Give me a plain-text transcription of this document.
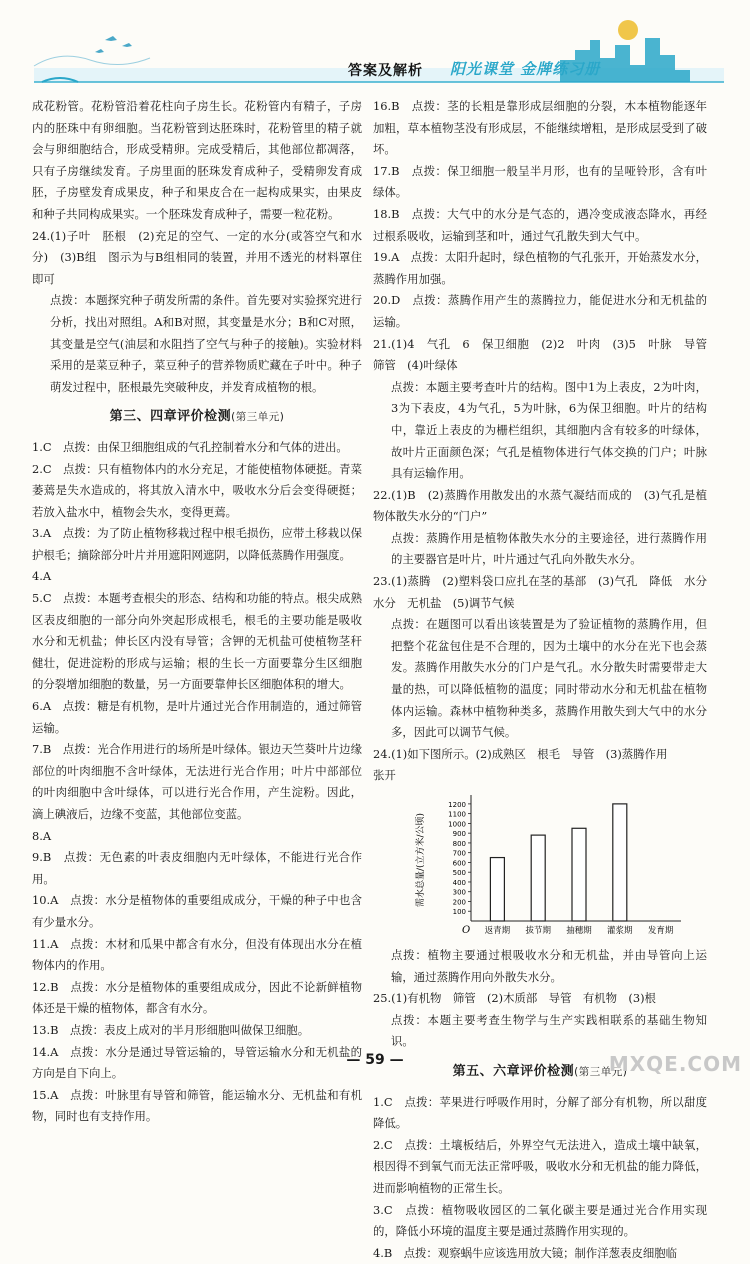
答案及解析 阳光课堂 金牌练习册

成花粉管。花粉管沿着花柱向子房生长。花粉管内有精子，子房内的胚珠中有卵细胞。当花粉管到达胚珠时，花粉管里的精子就会与卵细胞结合，形成受精卵。完成受精后，其他部位都凋落，只有子房继续发育。子房里面的胚珠发育成种子，受精卵发育成胚，子房壁发育成果皮，种子和果皮合在一起构成果实，由果皮和种子共同构成果实。一个胚珠发育成种子，需要一粒花粉。

24.(1)子叶　胚根　(2)充足的空气、一定的水分(或答空气和水分)　(3)B组　图示为与B组相同的装置，并用不透光的材料罩住即可

点拨：本题探究种子萌发所需的条件。首先要对实验探究进行分析，找出对照组。A和B对照，其变量是水分；B和C对照，其变量是空气(油层和水阻挡了空气与种子的接触)。实验材料采用的是菜豆种子，菜豆种子的营养物质贮藏在子叶中。种子萌发过程中，胚根最先突破种皮，并发育成植物的根。

第三、四章评价检测(第三单元)

1.C　点拨：由保卫细胞组成的气孔控制着水分和气体的进出。

2.C　点拨：只有植物体内的水分充足，才能使植物体硬挺。青菜萎蔫是失水造成的，将其放入清水中，吸收水分后会变得硬挺；若放入盐水中，植物会失水，变得更蔫。

3.A　点拨：为了防止植物移栽过程中根毛损伤，应带土移栽以保护根毛；摘除部分叶片并用遮阳网遮阴，以降低蒸腾作用强度。

4.A

5.C　点拨：本题考查根尖的形态、结构和功能的特点。根尖成熟区表皮细胞的一部分向外突起形成根毛，根毛的主要功能是吸收水分和无机盐；伸长区内没有导管；含钾的无机盐可使植物茎秆健壮，促进淀粉的形成与运输；根的生长一方面要靠分生区细胞的分裂增加细胞的数量，另一方面要靠伸长区细胞体积的增大。

6.A　点拨：糖是有机物，是叶片通过光合作用制造的，通过筛管运输。

7.B　点拨：光合作用进行的场所是叶绿体。银边天竺葵叶片边缘部位的叶肉细胞不含叶绿体，无法进行光合作用；叶片中部部位的叶肉细胞中含叶绿体，可以进行光合作用，产生淀粉。因此，滴上碘液后，边缘不变蓝，其他部位变蓝。

8.A

9.B　点拨：无色素的叶表皮细胞内无叶绿体，不能进行光合作用。

10.A　点拨：水分是植物体的重要组成成分，干燥的种子中也含有少量水分。

11.A　点拨：木材和瓜果中都含有水分，但没有体现出水分在植物体内的作用。

12.B　点拨：水分是植物体的重要组成成分，因此不论新鲜植物体还是干燥的植物体，都含有水分。

13.B　点拨：表皮上成对的半月形细胞叫做保卫细胞。

14.A　点拨：水分是通过导管运输的，导管运输水分和无机盐的方向是自下向上。

15.A　点拨：叶脉里有导管和筛管，能运输水分、无机盐和有机物，同时也有支持作用。

16.B　点拨：茎的长粗是靠形成层细胞的分裂，木本植物能逐年加粗，草本植物茎没有形成层，不能继续增粗，是形成层受到了破坏。

17.B　点拨：保卫细胞一般呈半月形，也有的呈哑铃形，含有叶绿体。

18.B　点拨：大气中的水分是气态的，遇冷变成液态降水，再经过根系吸收，运输到茎和叶，通过气孔散失到大气中。

19.A　点拨：太阳升起时，绿色植物的气孔张开，开始蒸发水分，蒸腾作用加强。

20.D　点拨：蒸腾作用产生的蒸腾拉力，能促进水分和无机盐的运输。

21.(1)4　气孔　6　保卫细胞　(2)2　叶肉　(3)5　叶脉　导管　筛管　(4)叶绿体

点拨：本题主要考查叶片的结构。图中1为上表皮，2为叶肉，3为下表皮，4为气孔，5为叶脉，6为保卫细胞。叶片的结构中，靠近上表皮的为栅栏组织，其细胞内含有较多的叶绿体，故叶片正面颜色深；气孔是植物体进行气体交换的门户；叶脉具有运输作用。

22.(1)B　(2)蒸腾作用散发出的水蒸气凝结而成的　(3)气孔是植物体散失水分的“门户”

点拨：蒸腾作用是植物体散失水分的主要途径，进行蒸腾作用的主要器官是叶片，叶片通过气孔向外散失水分。

23.(1)蒸腾　(2)塑料袋口应扎在茎的基部　(3)气孔　降低　水分　水分　无机盐　(5)调节气候

点拨：在题图可以看出该装置是为了验证植物的蒸腾作用，但把整个花盆包住是不合理的，因为土壤中的水分在光下也会蒸发。蒸腾作用散失水分的门户是气孔。水分散失时需要带走大量的热，可以降低植物的温度；同时带动水分和无机盐在植物体内运输。森林中植物种类多，蒸腾作用散失到大气中的水分多，因此可以调节气候。

24.(1)如下图所示。(2)成熟区　根毛　导管　(3)蒸腾作用

张开

O
100
200
300
400
500
600
700
800
900
1000
1100
1200
需水总量/(立方米/公顷)
返青期 拔节期 抽穗期 灌浆期 发育期

点拨：植物主要通过根吸收水分和无机盐，并由导管向上运输，通过蒸腾作用向外散失水分。

25.(1)有机物　筛管　(2)木质部　导管　有机物　(3)根

点拨：本题主要考查生物学与生产实践相联系的基础生物知识。

第五、六章评价检测(第三单元)

1.C　点拨：苹果进行呼吸作用时，分解了部分有机物，所以甜度降低。

2.C　点拨：土壤板结后，外界空气无法进入，造成土壤中缺氧，根因得不到氧气而无法正常呼吸，吸收水分和无机盐的能力降低，进而影响植物的正常生长。

3.C　点拨：植物吸收园区的二氧化碳主要是通过光合作用实现的，降低小环境的温度主要是通过蒸腾作用实现的。

4.B　点拨：观察蜗牛应该选用放大镜；制作洋葱表皮细胞临

— 59 —	MXQE.COM
